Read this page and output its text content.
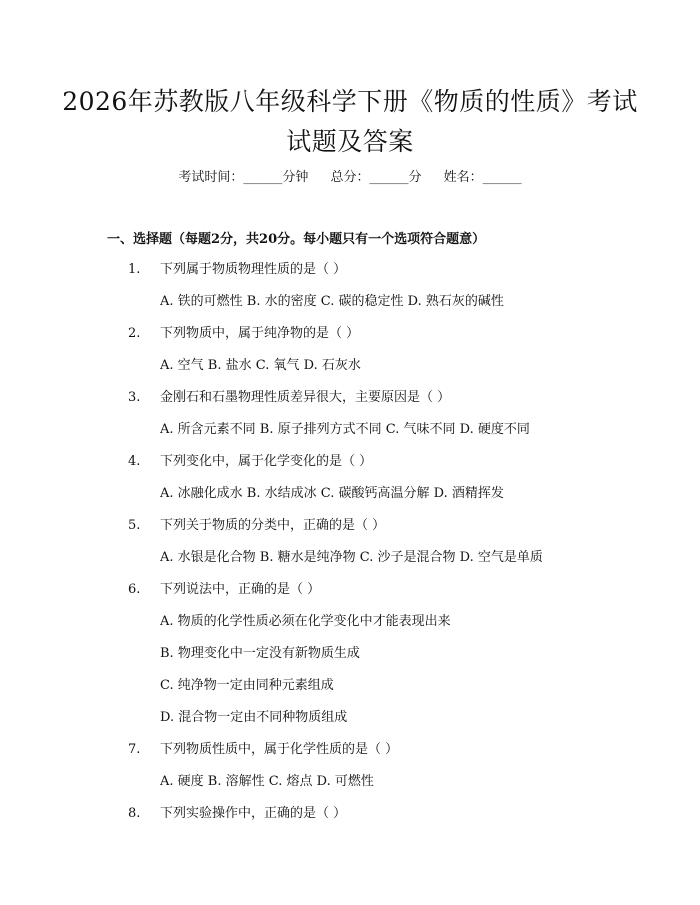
2026年苏教版八年级科学下册《物质的性质》考试试题及答案
考试时间：______分钟 总分：______分 姓名：______
一、选择题（每题2分，共20分。每小题只有一个选项符合题意）
1. 下列属于物质物理性质的是（ ）
A. 铁的可燃性 B. 水的密度 C. 碳的稳定性 D. 熟石灰的碱性
2. 下列物质中，属于纯净物的是（ ）
A. 空气 B. 盐水 C. 氧气 D. 石灰水
3. 金刚石和石墨物理性质差异很大，主要原因是（ ）
A. 所含元素不同 B. 原子排列方式不同 C. 气味不同 D. 硬度不同
4. 下列变化中，属于化学变化的是（ ）
A. 冰融化成水 B. 水结成冰 C. 碳酸钙高温分解 D. 酒精挥发
5. 下列关于物质的分类中，正确的是（ ）
A. 水银是化合物 B. 糖水是纯净物 C. 沙子是混合物 D. 空气是单质
6. 下列说法中，正确的是（ ）
A. 物质的化学性质必须在化学变化中才能表现出来
B. 物理变化中一定没有新物质生成
C. 纯净物一定由同种元素组成
D. 混合物一定由不同种物质组成
7. 下列物质性质中，属于化学性质的是（ ）
A. 硬度 B. 溶解性 C. 熔点 D. 可燃性
8. 下列实验操作中，正确的是（ ）
